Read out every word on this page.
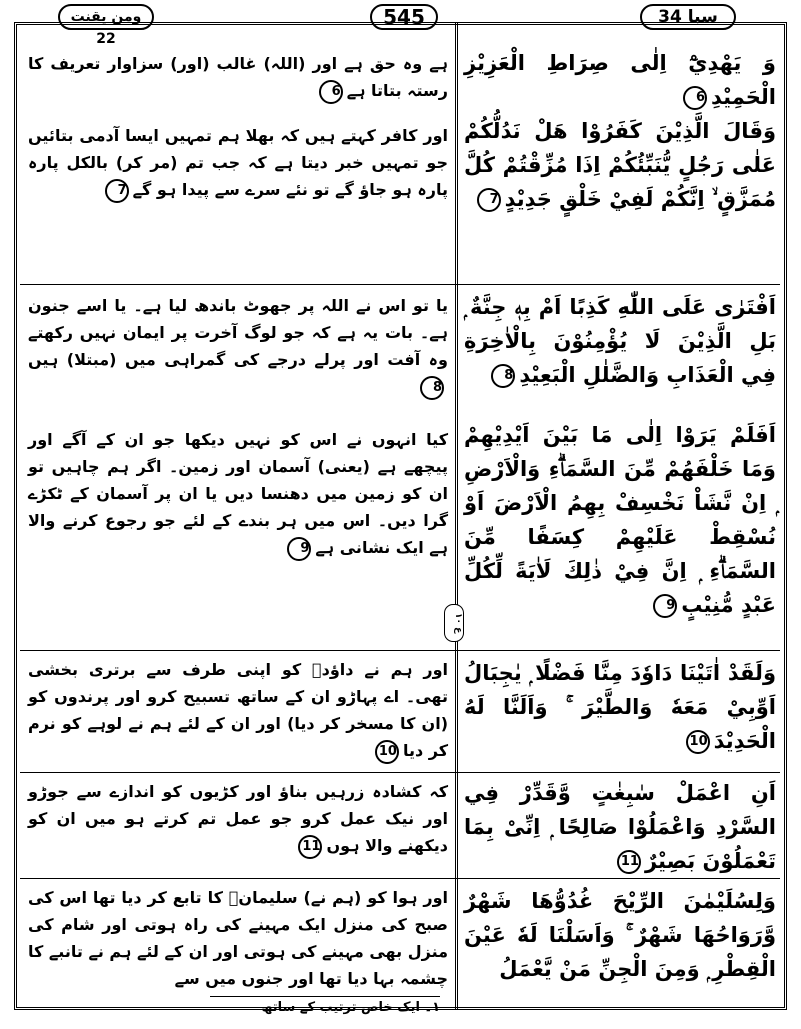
ومن يقنت 22
545	سبا 34
وَ يَهْدِيْٓ اِلٰى صِرَاطِ الْعَزِيْزِ الْحَمِيْدِ6
ہے وہ حق ہے اور (اللہ) غالب (اور) سزاوار تعریف کا رستہ بتاتا ہے6
وَقَالَ الَّذِيْنَ كَفَرُوْا هَلْ نَدُلُّكُمْ عَلٰى رَجُلٍ يُّنَبِّئُكُمْ اِذَا مُزِّقْتُمْ كُلَّ مُمَزَّقٍ ۙ اِنَّكُمْ لَفِيْ خَلْقٍ جَدِيْدٍ7
اور کافر کہتے ہیں کہ بھلا ہم تمہیں ایسا آدمی بتائیں جو تمہیں خبر دیتا ہے کہ جب تم (مر کر) بالکل پارہ پارہ ہو جاؤ گے تو نئے سرے سے پیدا ہو گے7
اَفْتَرٰى عَلَى اللّٰهِ كَذِبًا اَمْ بِهٖ جِنَّةٌ ۭ بَلِ الَّذِيْنَ لَا يُؤْمِنُوْنَ بِالْاٰخِرَةِ فِي الْعَذَابِ وَالضَّلٰلِ الْبَعِيْدِ8
یا تو اس نے اللہ پر جھوٹ باندھ لیا ہے۔ یا اسے جنون ہے۔ بات یہ ہے کہ جو لوگ آخرت پر ایمان نہیں رکھتے وہ آفت اور پرلے درجے کی گمراہی میں (مبتلا) ہیں8
اَفَلَمْ يَرَوْا اِلٰى مَا بَيْنَ اَيْدِيْهِمْ وَمَا خَلْفَهُمْ مِّنَ السَّمَاۗءِ وَالْاَرْضِ ۭ اِنْ نَّشَاْ نَخْسِفْ بِهِمُ الْاَرْضَ اَوْ نُسْقِطْ عَلَيْهِمْ كِسَفًا مِّنَ السَّمَاۗءِ ۭ اِنَّ فِيْ ذٰلِكَ لَاٰيَةً لِّكُلِّ عَبْدٍ مُّنِيْبٍ9
کیا انہوں نے اس کو نہیں دیکھا جو ان کے آگے اور پیچھے ہے (یعنی) آسمان اور زمین۔ اگر ہم چاہیں تو ان کو زمین میں دھنسا دیں یا ان پر آسمان کے ٹکڑے گرا دیں۔ اس میں ہر بندے کے لئے جو رجوع کرنے والا ہے ایک نشانی ہے9
ع ۱۰
وَلَقَدْ اٰتَيْنَا دَاوٗدَ مِنَّا فَضْلًا ۭ يٰجِبَالُ اَوِّبِيْ مَعَهٗ وَالطَّيْرَ ۚ وَاَلَنَّا لَهُ الْحَدِيْدَ10
اور ہم نے داؤدؑ کو اپنی طرف سے برتری بخشی تھی۔ اے پہاڑو ان کے ساتھ تسبیح کرو اور پرندوں کو (ان کا مسخر کر دیا) اور ان کے لئے ہم نے لوہے کو نرم کر دیا10
اَنِ اعْمَلْ سٰبِغٰتٍ وَّقَدِّرْ فِي السَّرْدِ وَاعْمَلُوْا صَالِحًا ۭ اِنِّىْ بِمَا تَعْمَلُوْنَ بَصِيْرٌ11
کہ کشادہ زرہیں بناؤ اور کڑیوں کو اندازے سے جوڑو اور نیک عمل کرو جو عمل تم کرتے ہو میں ان کو دیکھنے والا ہوں11
وَلِسُلَيْمٰنَ الرِّيْحَ غُدُوُّهَا شَهْرٌ وَّرَوَاحُهَا شَهْرٌ ۚ وَاَسَلْنَا لَهٗ عَيْنَ الْقِطْرِ ۭ وَمِنَ الْجِنِّ مَنْ يَّعْمَلُ
اور ہوا کو (ہم نے) سلیمانؑ کا تابع کر دیا تھا اس کی صبح کی منزل ایک مہینے کی راہ ہوتی اور شام کی منزل بھی مہینے کی ہوتی اور ان کے لئے ہم نے تانبے کا چشمہ بہا دیا تھا اور جنوں میں سے
۱۔ ایک خاص ترتیب کے ساتھ
